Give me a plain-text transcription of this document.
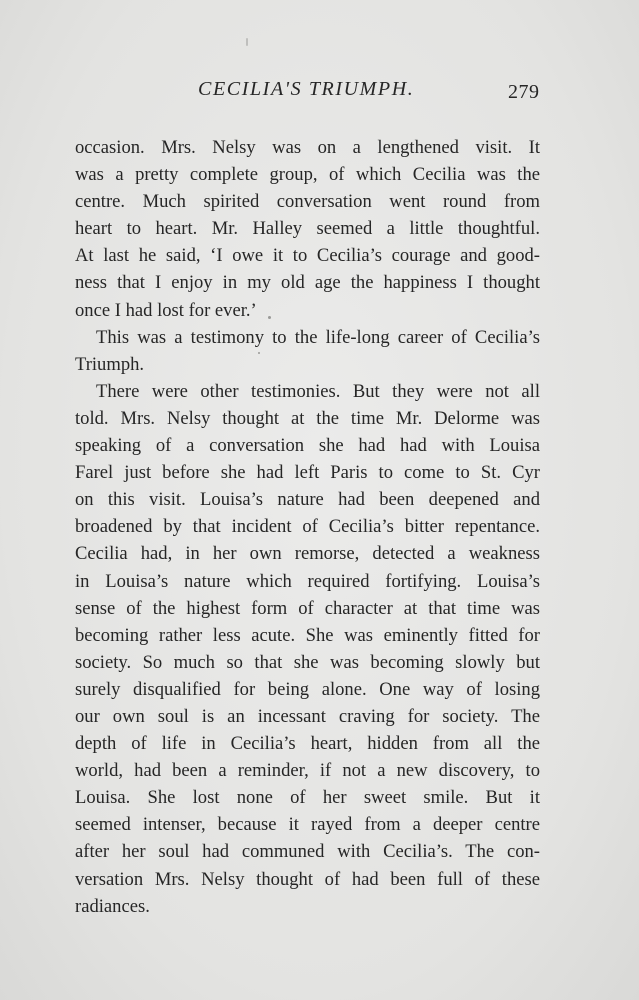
CECILIA'S TRIUMPH.	279
occasion. Mrs. Nelsy was on a lengthened visit. It
was a pretty complete group, of which Cecilia was the
centre. Much spirited conversation went round from
heart to heart. Mr. Halley seemed a little thoughtful.
At last he said, ‘I owe it to Cecilia’s courage and good-
ness that I enjoy in my old age the happiness I thought
once I had lost for ever.’
This was a testimony to the life-long career of Cecilia’s
Triumph.
There were other testimonies. But they were not all
told. Mrs. Nelsy thought at the time Mr. Delorme was
speaking of a conversation she had had with Louisa
Farel just before she had left Paris to come to St. Cyr
on this visit. Louisa’s nature had been deepened and
broadened by that incident of Cecilia’s bitter repentance.
Cecilia had, in her own remorse, detected a weakness
in Louisa’s nature which required fortifying. Louisa’s
sense of the highest form of character at that time was
becoming rather less acute. She was eminently fitted for
society. So much so that she was becoming slowly but
surely disqualified for being alone. One way of losing
our own soul is an incessant craving for society. The
depth of life in Cecilia’s heart, hidden from all the
world, had been a reminder, if not a new discovery, to
Louisa. She lost none of her sweet smile. But it
seemed intenser, because it rayed from a deeper centre
after her soul had communed with Cecilia’s. The con-
versation Mrs. Nelsy thought of had been full of these
radiances.
